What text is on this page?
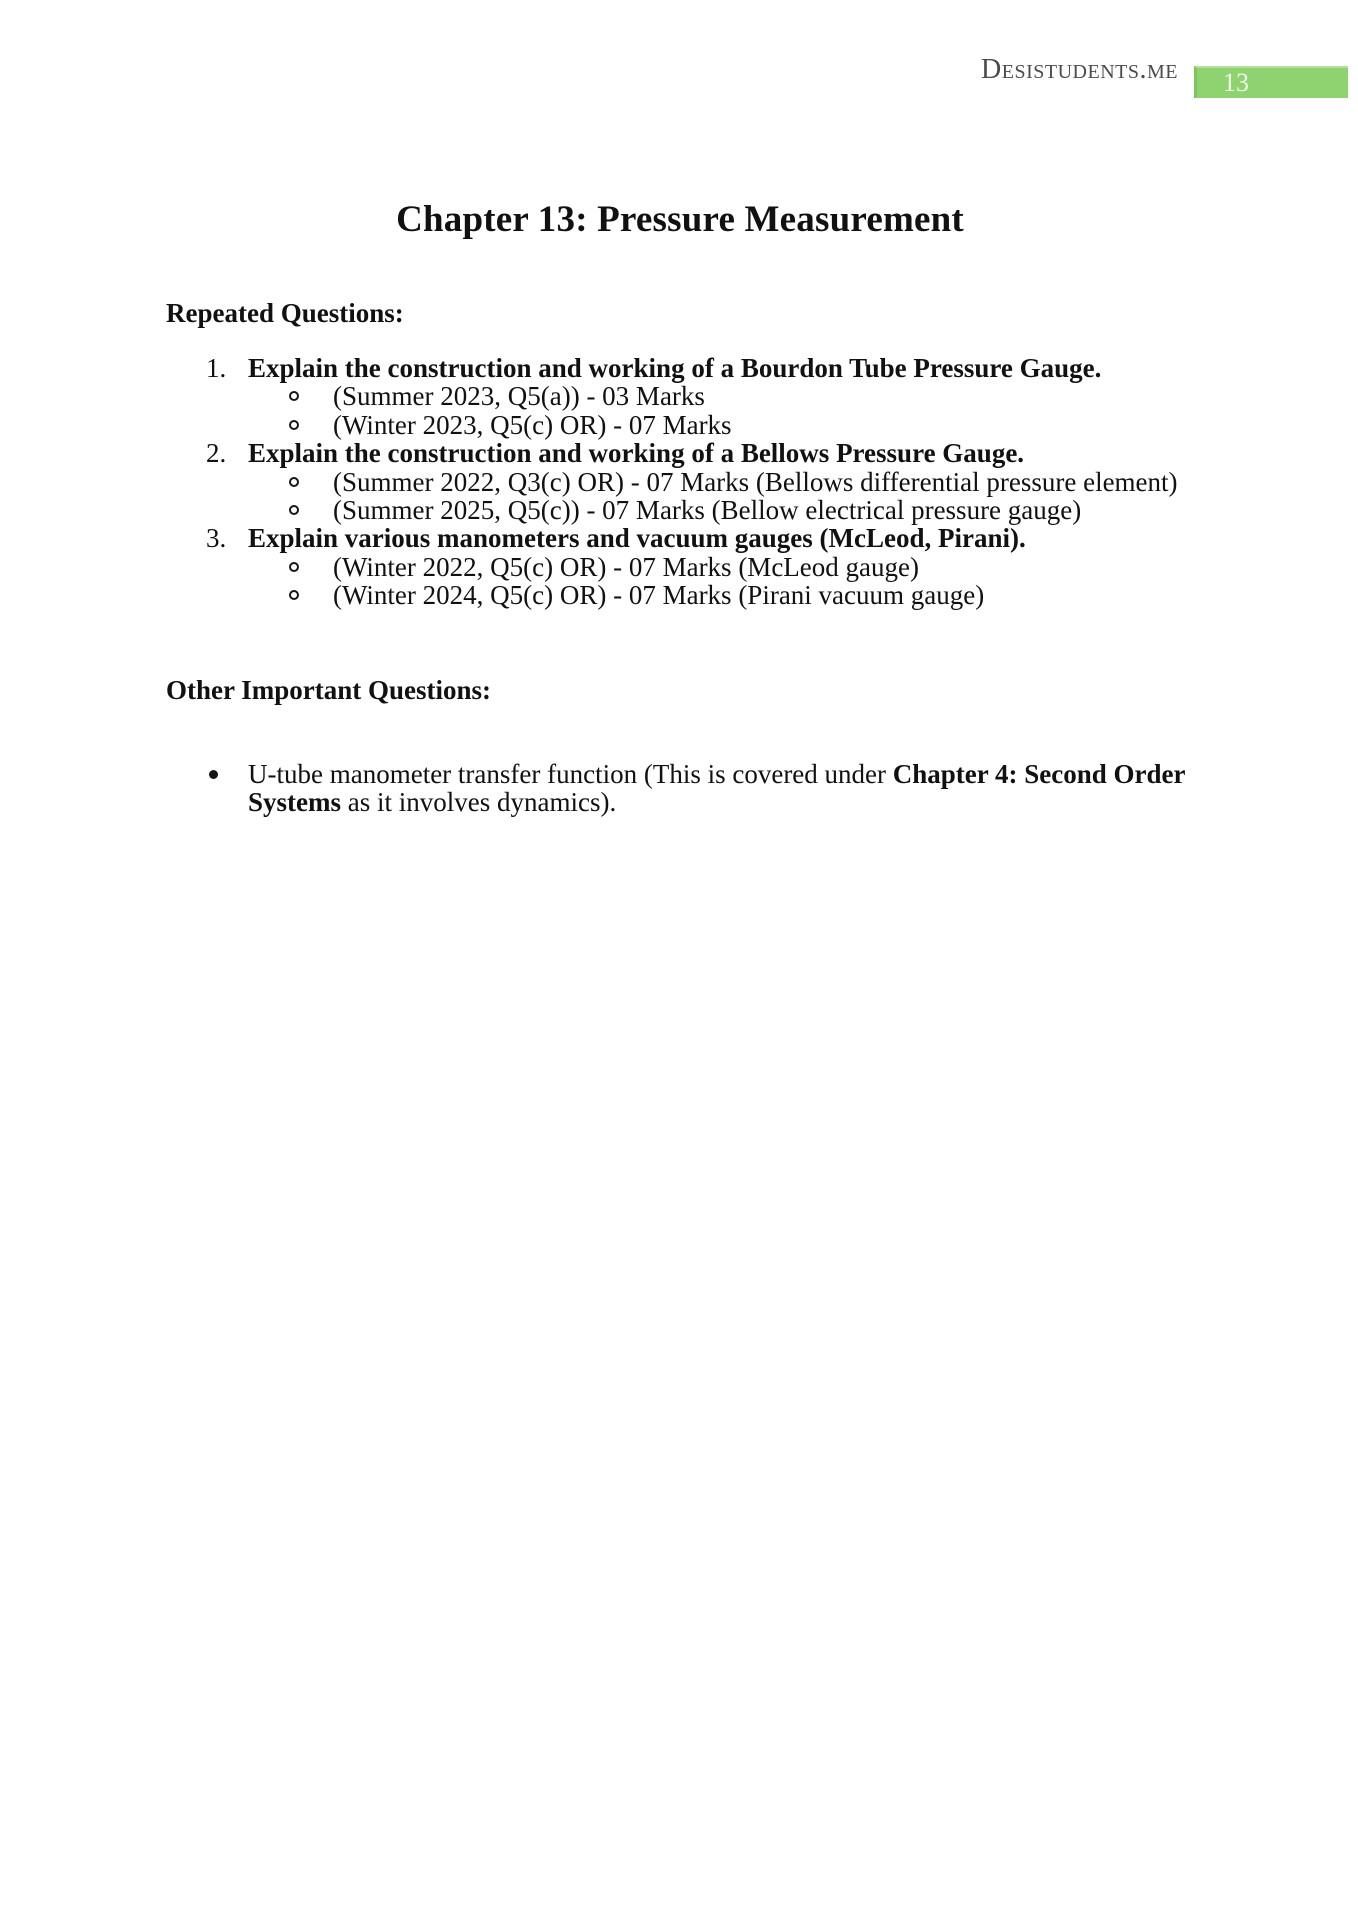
Desistudents.me 13
Chapter 13: Pressure Measurement
Repeated Questions:
1. Explain the construction and working of a Bourdon Tube Pressure Gauge.
(Summer 2023, Q5(a)) - 03 Marks
(Winter 2023, Q5(c) OR) - 07 Marks
2. Explain the construction and working of a Bellows Pressure Gauge.
(Summer 2022, Q3(c) OR) - 07 Marks (Bellows differential pressure element)
(Summer 2025, Q5(c)) - 07 Marks (Bellow electrical pressure gauge)
3. Explain various manometers and vacuum gauges (McLeod, Pirani).
(Winter 2022, Q5(c) OR) - 07 Marks (McLeod gauge)
(Winter 2024, Q5(c) OR) - 07 Marks (Pirani vacuum gauge)
Other Important Questions:
U-tube manometer transfer function (This is covered under Chapter 4: Second Order Systems as it involves dynamics).
